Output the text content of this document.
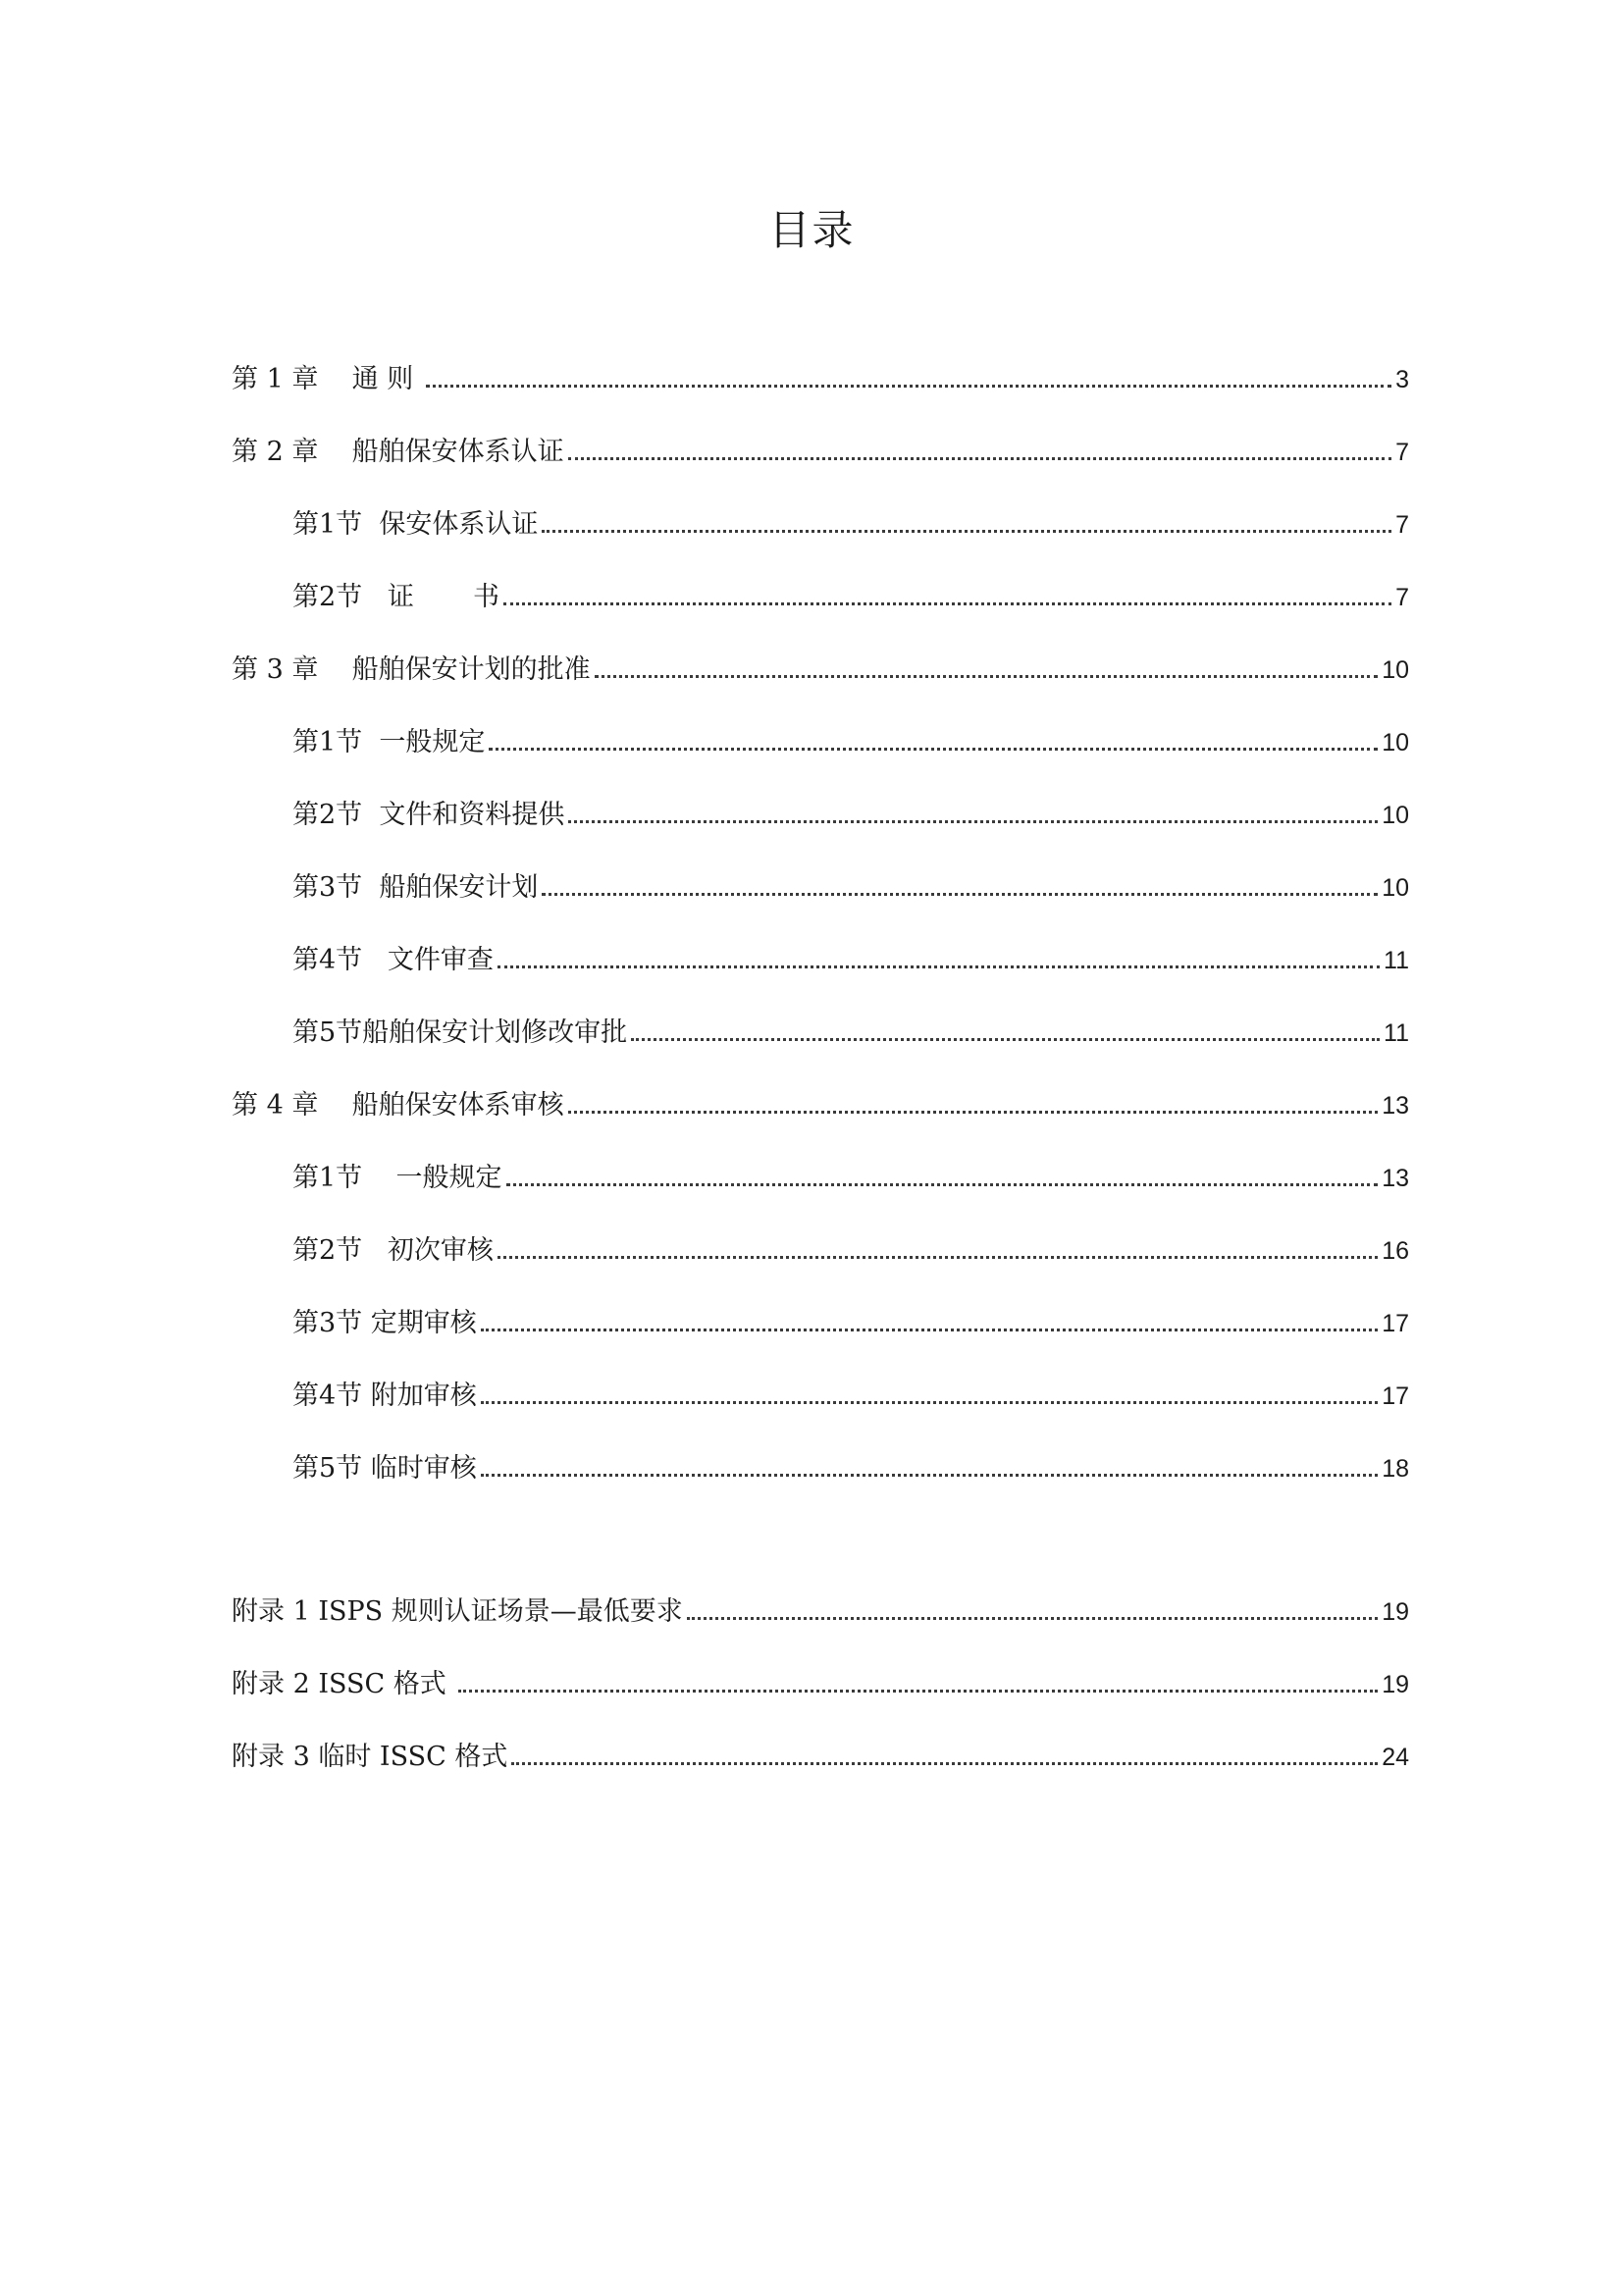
目录
第 1 章    通 则	3
第 2 章    船舶保安体系认证	7
第1节  保安体系认证	7
第2节   证       书	7
第 3 章    船舶保安计划的批准	10
第1节  一般规定	10
第2节  文件和资料提供	10
第3节  船舶保安计划	10
第4节   文件审查	11
第5节船舶保安计划修改审批	11
第 4 章    船舶保安体系审核	13
第1节    一般规定	13
第2节   初次审核	16
第3节 定期审核	17
第4节 附加审核	17
第5节 临时审核	18
附录 1 ISPS 规则认证场景—最低要求	19
附录 2 ISSC 格式	19
附录 3 临时 ISSC 格式	24
